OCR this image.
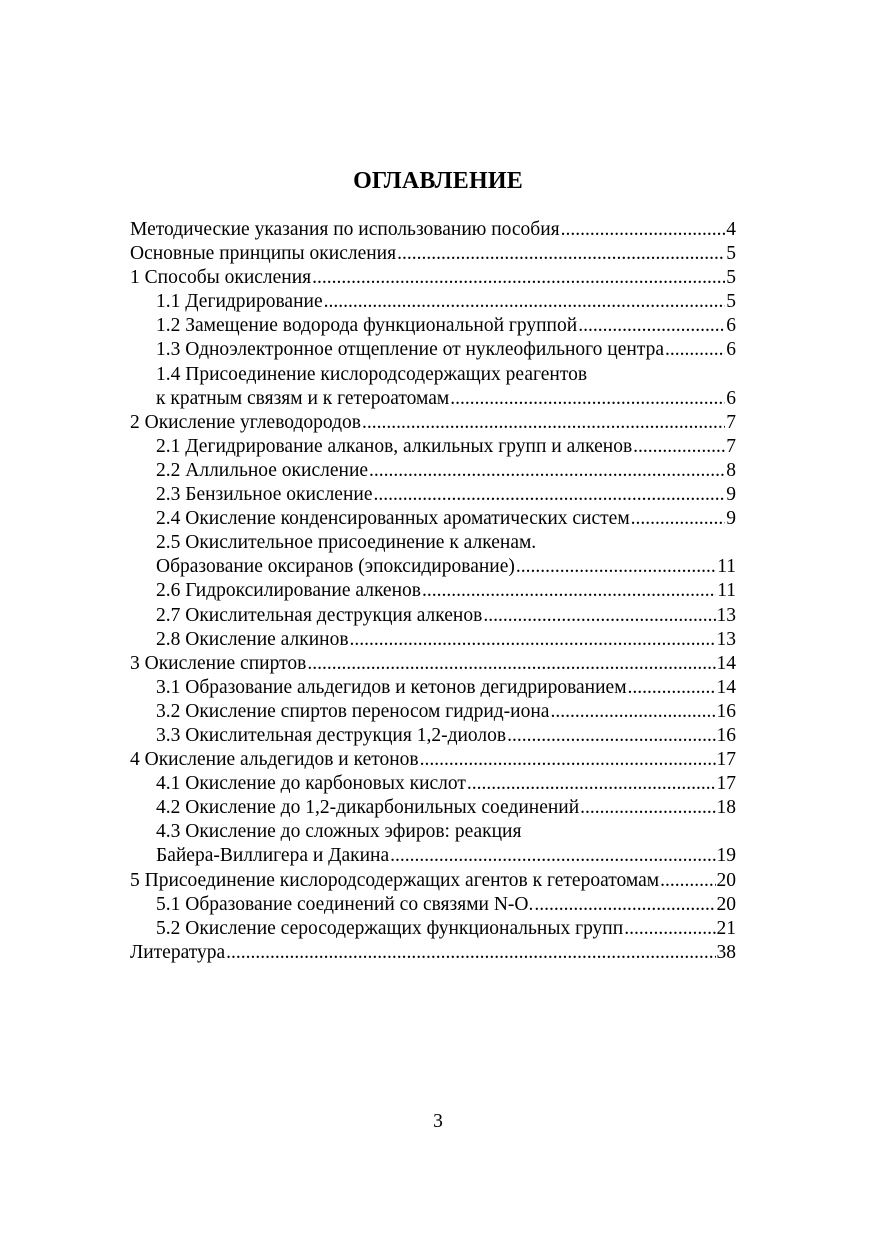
ОГЛАВЛЕНИЕ
Методические указания по использованию пособия .....	4
Основные принципы окисления .....	5
1 Способы окисления .....	5
1.1 Дегидрирование .....	5
1.2 Замещение водорода функциональной группой .....	6
1.3 Одноэлектронное отщепление от нуклеофильного центра .....	6
1.4 Присоединение кислородсодержащих реагентов
к кратным связям и к гетероатомам .....	6
2 Окисление углеводородов .....	7
2.1 Дегидрирование алканов, алкильных групп и алкенов .....	7
2.2 Аллильное окисление .....	8
2.3 Бензильное окисление .....	9
2.4 Окисление конденсированных ароматических систем .....	9
2.5 Окислительное присоединение к алкенам.
Образование оксиранов (эпоксидирование) .....	11
2.6 Гидроксилирование алкенов .....	11
2.7 Окислительная деструкция алкенов .....	13
2.8 Окисление алкинов .....	13
3 Окисление спиртов .....	14
3.1 Образование альдегидов и кетонов дегидрированием .....	14
3.2 Окисление спиртов переносом гидрид-иона .....	16
3.3 Окислительная деструкция 1,2-диолов .....	16
4 Окисление альдегидов и кетонов .....	17
4.1 Окисление до карбоновых кислот .....	17
4.2 Окисление до 1,2-дикарбонильных соединений .....	18
4.3 Окисление до сложных эфиров: реакция
Байера-Виллигера и Дакина .....	19
5 Присоединение кислородсодержащих агентов к гетероатомам .....	20
5.1 Образование соединений со связями N-O. .....	20
5.2 Окисление серосодержащих функциональных групп .....	21
Литература .....	38
3
